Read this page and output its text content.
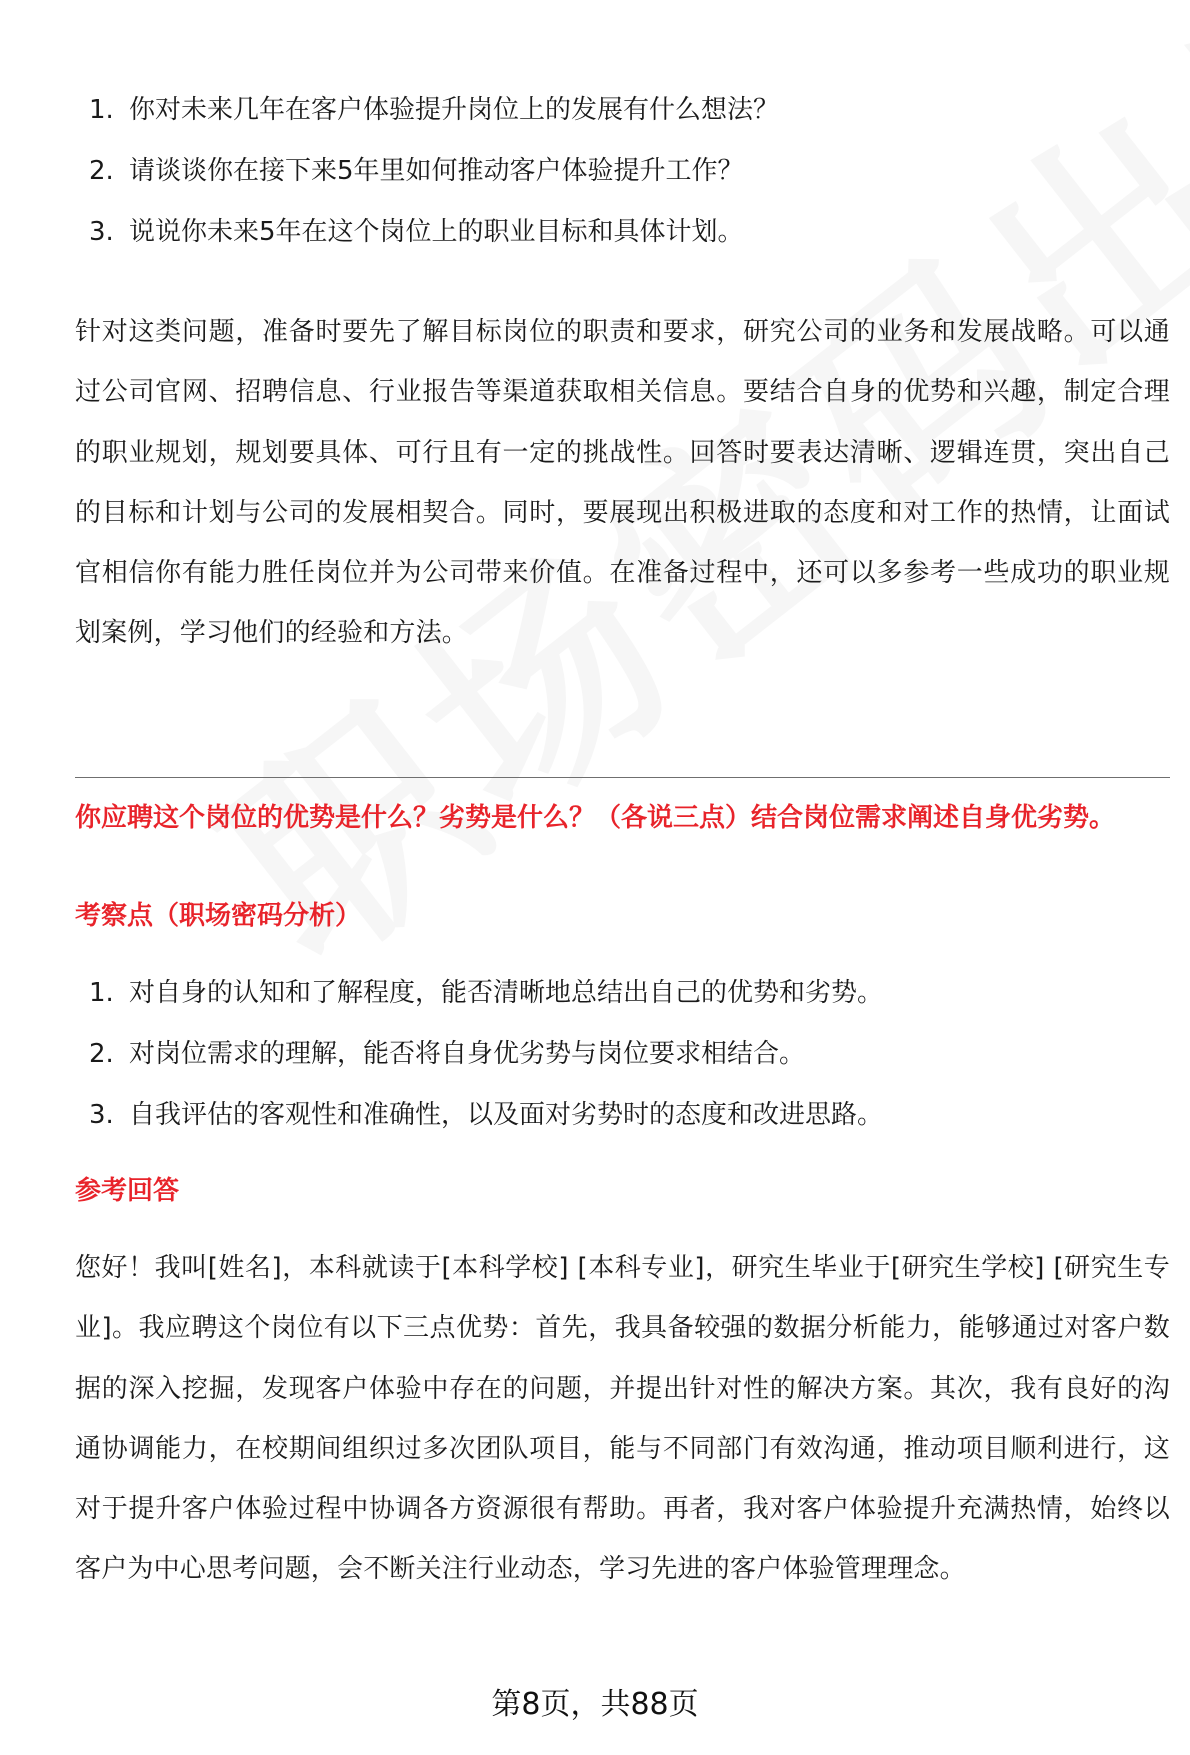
1. 你对未来几年在客户体验提升岗位上的发展有什么想法？
2. 请谈谈你在接下来5年里如何推动客户体验提升工作？
3. 说说你未来5年在这个岗位上的职业目标和具体计划。

针对这类问题，准备时要先了解目标岗位的职责和要求，研究公司的业务和发展战略。可以通过公司官网、招聘信息、行业报告等渠道获取相关信息。要结合自身的优势和兴趣，制定合理的职业规划，规划要具体、可行且有一定的挑战性。回答时要表达清晰、逻辑连贯，突出自己的目标和计划与公司的发展相契合。同时，要展现出积极进取的态度和对工作的热情，让面试官相信你有能力胜任岗位并为公司带来价值。在准备过程中，还可以多参考一些成功的职业规划案例，学习他们的经验和方法。

你应聘这个岗位的优势是什么？劣势是什么？（各说三点）结合岗位需求阐述自身优劣势。

考察点（职场密码分析）

1. 对自身的认知和了解程度，能否清晰地总结出自己的优势和劣势。
2. 对岗位需求的理解，能否将自身优劣势与岗位要求相结合。
3. 自我评估的客观性和准确性，以及面对劣势时的态度和改进思路。

参考回答

您好！我叫[姓名]，本科就读于[本科学校] [本科专业]，研究生毕业于[研究生学校] [研究生专业]。我应聘这个岗位有以下三点优势：首先，我具备较强的数据分析能力，能够通过对客户数据的深入挖掘，发现客户体验中存在的问题，并提出针对性的解决方案。其次，我有良好的沟通协调能力，在校期间组织过多次团队项目，能与不同部门有效沟通，推动项目顺利进行，这对于提升客户体验过程中协调各方资源很有帮助。再者，我对客户体验提升充满热情，始终以客户为中心思考问题，会不断关注行业动态，学习先进的客户体验管理理念。

第8页，共88页
